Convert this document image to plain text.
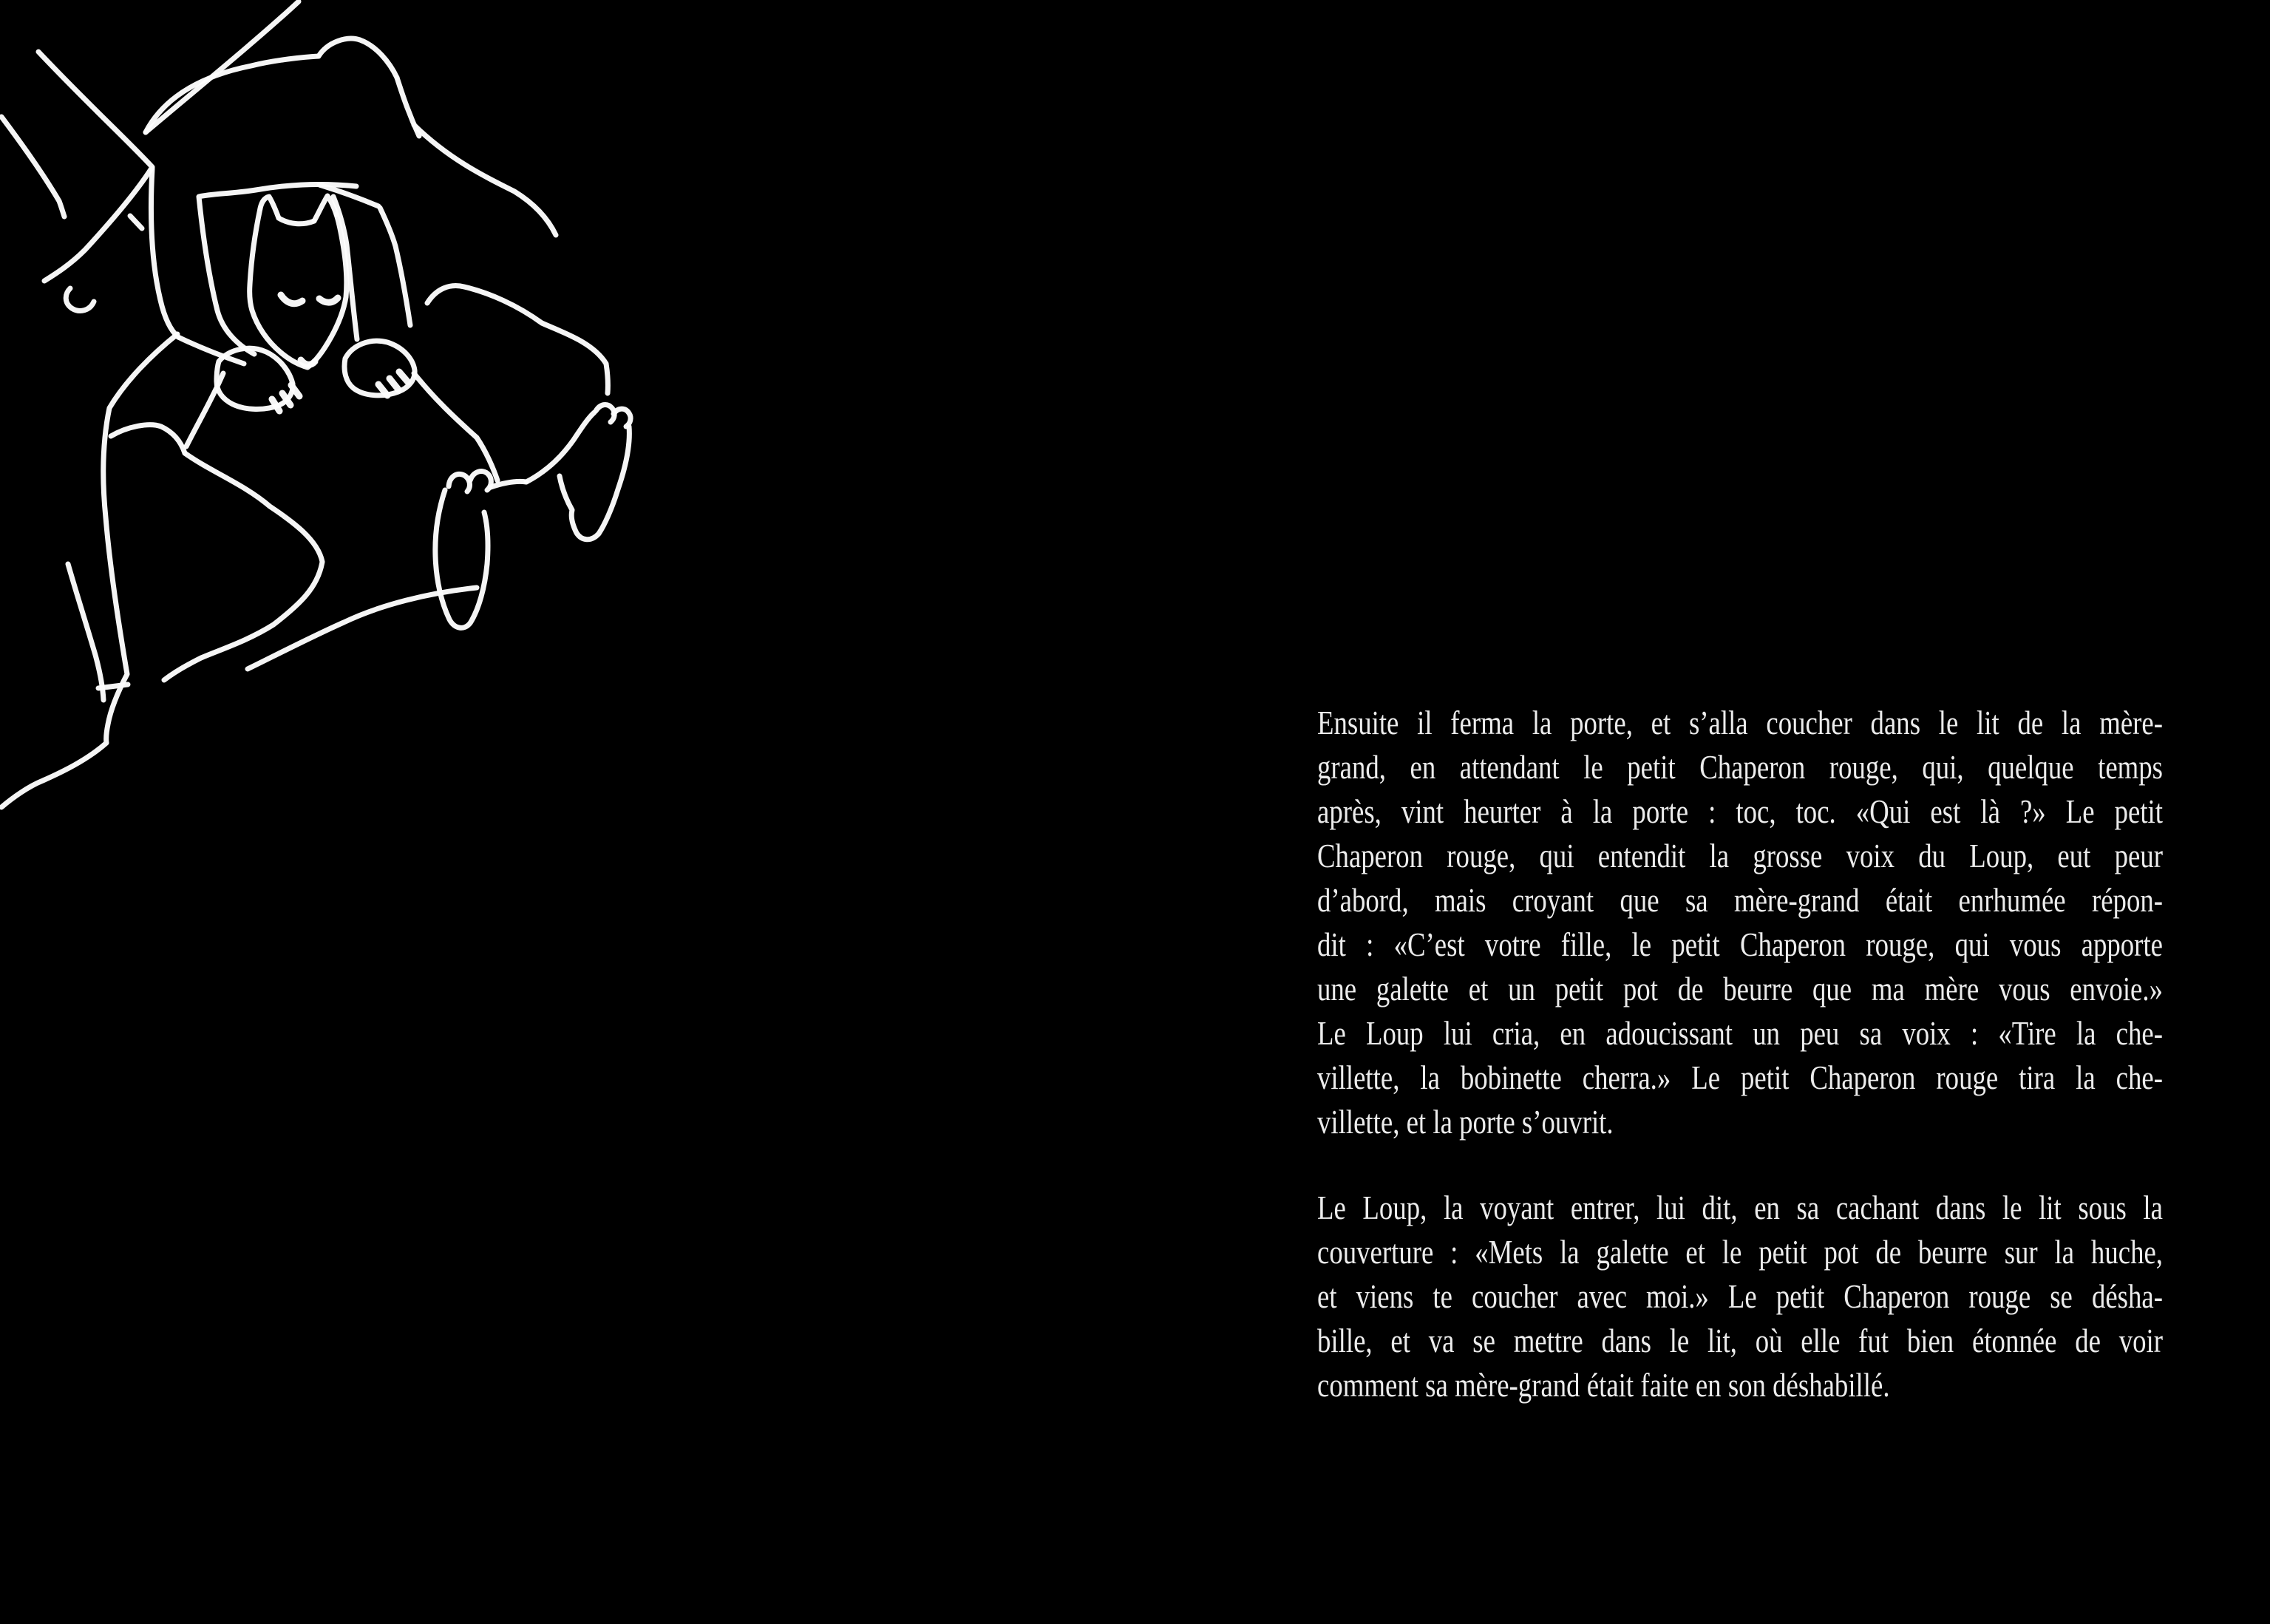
Ensuite il ferma la porte, et s’alla coucher dans le lit de la mère-
grand, en attendant le petit Chaperon rouge, qui, quelque temps
après, vint heurter à la porte : toc, toc. «Qui est là ?» Le petit
Chaperon rouge, qui entendit la grosse voix du Loup, eut peur
d’abord, mais croyant que sa mère-grand était enrhumée répon-
dit : «C’est votre fille, le petit Chaperon rouge, qui vous apporte
une galette et un petit pot de beurre que ma mère vous envoie.»
Le Loup lui cria, en adoucissant un peu sa voix : «Tire la che-
villette, la bobinette cherra.» Le petit Chaperon rouge tira la che-
villette, et la porte s’ouvrit.
Le Loup, la voyant entrer, lui dit, en sa cachant dans le lit sous la
couverture : «Mets la galette et le petit pot de beurre sur la huche,
et viens te coucher avec moi.» Le petit Chaperon rouge se désha-
bille, et va se mettre dans le lit, où elle fut bien étonnée de voir
comment sa mère-grand était faite en son déshabillé.
